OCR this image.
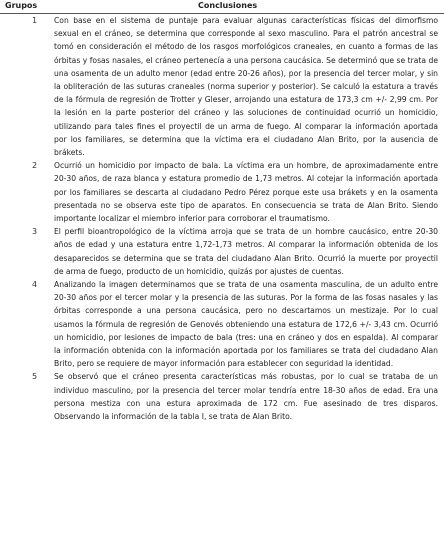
Grupos	Conclusiones
1	Con base en el sistema de puntaje para evaluar algunas características físicas del dimorfismo sexual en el cráneo, se determina que corresponde al sexo masculino. Para el patrón ancestral se tomó en consideración el método de los rasgos morfológicos craneales, en cuanto a formas de las órbitas y fosas nasales, el cráneo pertenecía a una persona caucásica. Se determinó que se trata de una osamenta de un adulto menor (edad entre 20-26 años), por la presencia del tercer molar, y sin la obliteración de las suturas craneales (norma superior y posterior). Se calculó la estatura a través de la fórmula de regresión de Trotter y Gleser, arrojando una estatura de 173,3 cm +/- 2,99 cm. Por la lesión en la parte posterior del cráneo y las soluciones de continuidad ocurrió un homicidio, utilizando para tales fines el proyectil de un arma de fuego. Al comparar la información aportada por los familiares, se determina que la víctima era el ciudadano Alan Brito, por la ausencia de brákets.
2	Ocurrió un homicidio por impacto de bala. La víctima era un hombre, de aproximadamente entre 20-30 años, de raza blanca y estatura promedio de 1,73 metros. Al cotejar la información aportada por los familiares se descarta al ciudadano Pedro Pérez porque este usa brákets y en la osamenta presentada no se observa este tipo de aparatos. En consecuencia se trata de Alan Brito. Siendo importante localizar el miembro inferior para corroborar el traumatismo.
3	El perfil bioantropológico de la víctima arroja que se trata de un hombre caucásico, entre 20-30 años de edad y una estatura entre 1,72-1,73 metros. Al comparar la información obtenida de los desaparecidos se determina que se trata del ciudadano Alan Brito. Ocurrió la muerte por proyectil de arma de fuego, producto de un homicidio, quizás por ajustes de cuentas.
4	Analizando la imagen determinamos que se trata de una osamenta masculina, de un adulto entre 20-30 años por el tercer molar y la presencia de las suturas. Por la forma de las fosas nasales y las órbitas corresponde a una persona caucásica, pero no descartamos un mestizaje. Por lo cual usamos la fórmula de regresión de Genovés obteniendo una estatura de 172,6 +/- 3,43 cm. Ocurrió un homicidio, por lesiones de impacto de bala (tres: una en cráneo y dos en espalda). Al comparar la información obtenida con la información aportada por los familiares se trata del ciudadano Alan Brito, pero se requiere de mayor información para establecer con seguridad la identidad.
5	Se observó que el cráneo presenta características más robustas, por lo cual se trataba de un individuo masculino, por la presencia del tercer molar tendría entre 18-30 años de edad. Era una persona mestiza con una estura aproximada de 172 cm. Fue asesinado de tres disparos. Observando la información de la tabla I, se trata de Alan Brito.
